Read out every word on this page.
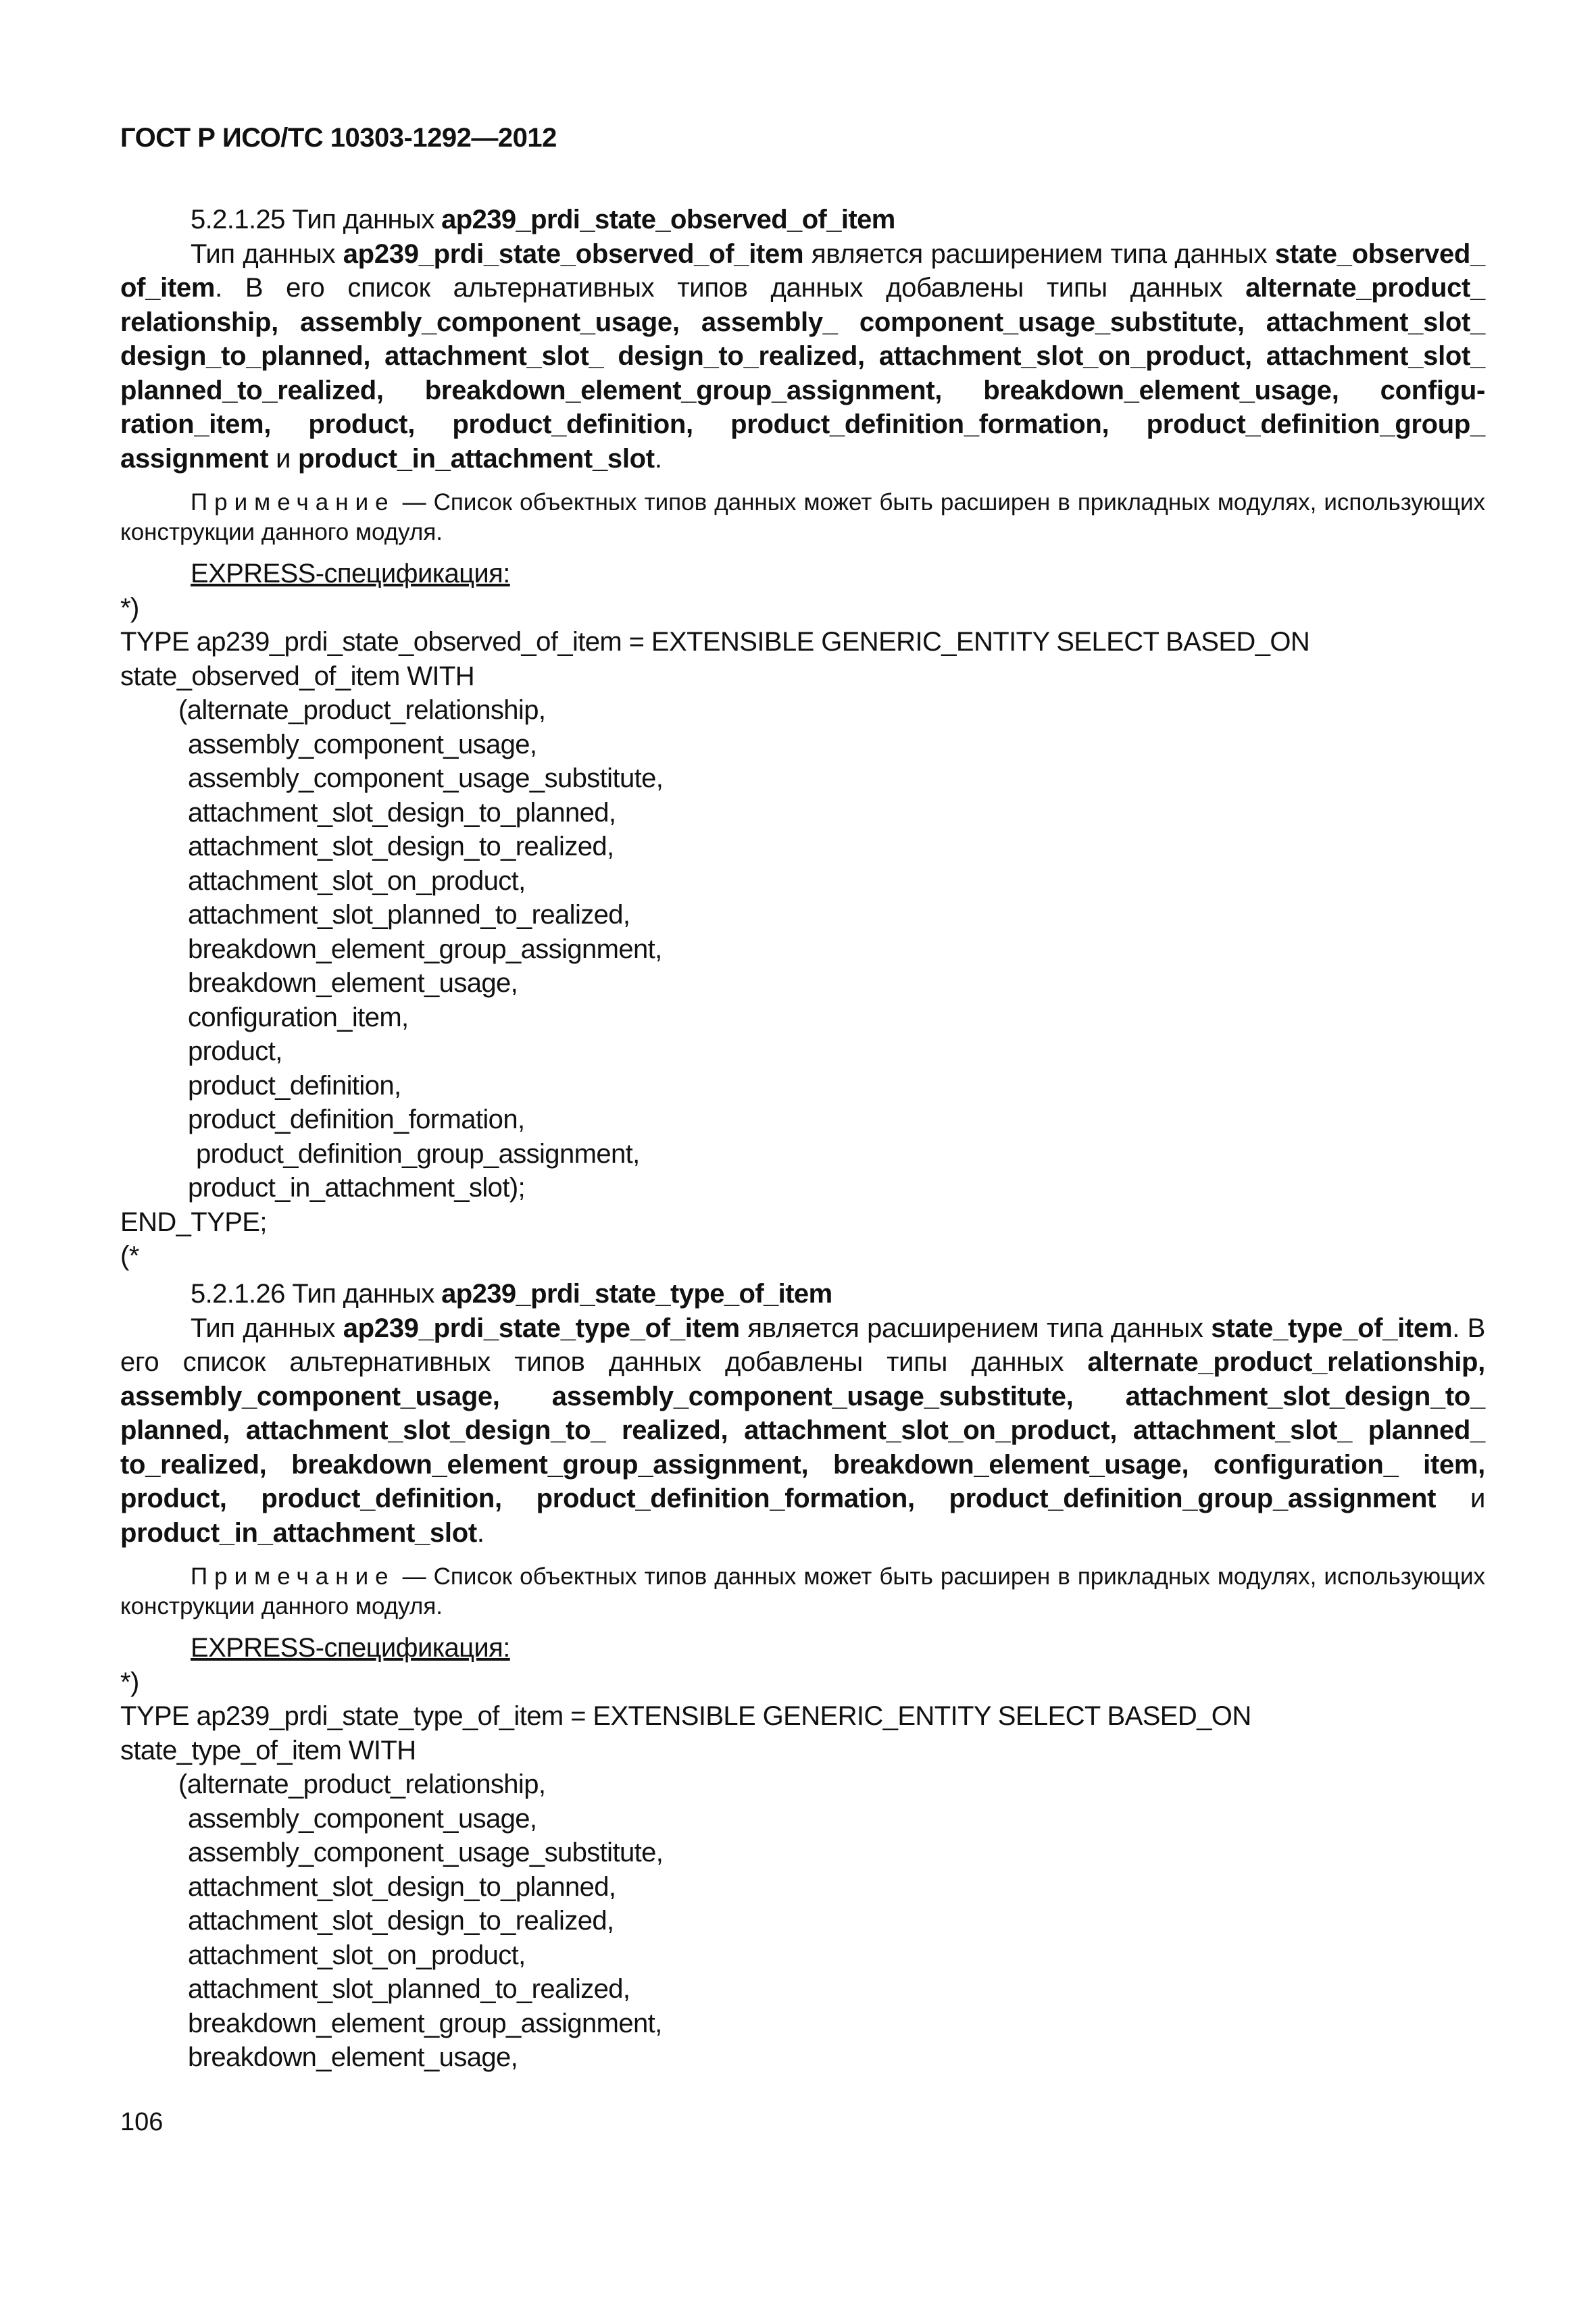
ГОСТ Р ИСО/ТС 10303-1292—2012
5.2.1.25 Тип данных ap239_prdi_state_observed_of_item
Тип данных ap239_prdi_state_observed_of_item является расширением типа данных state_observed_ of_item. В его список альтернативных типов данных добавлены типы данных alternate_product_ relationship, assembly_component_usage, assembly_ component_usage_substitute, attachment_slot_ design_to_planned, attachment_slot_ design_to_realized, attachment_slot_on_product, attachment_slot_ planned_to_realized, breakdown_element_group_assignment, breakdown_element_usage, configu-ration_item, product, product_definition, product_definition_formation, product_definition_group_ assignment и product_in_attachment_slot.
Примечание — Список объектных типов данных может быть расширен в прикладных модулях, использующих конструкции данного модуля.
EXPRESS-спецификация:
*)
TYPE ap239_prdi_state_observed_of_item = EXTENSIBLE GENERIC_ENTITY SELECT BASED_ON
state_observed_of_item WITH
(alternate_product_relationship,
assembly_component_usage,
assembly_component_usage_substitute,
attachment_slot_design_to_planned,
attachment_slot_design_to_realized,
attachment_slot_on_product,
attachment_slot_planned_to_realized,
breakdown_element_group_assignment,
breakdown_element_usage,
configuration_item,
product,
product_definition,
product_definition_formation,
product_definition_group_assignment,
product_in_attachment_slot);
END_TYPE;
(*
5.2.1.26 Тип данных ap239_prdi_state_type_of_item
Тип данных ap239_prdi_state_type_of_item является расширением типа данных state_type_of_item. В его список альтернативных типов данных добавлены типы данных alternate_product_relationship, assembly_component_usage, assembly_component_usage_substitute, attachment_slot_design_to_ planned, attachment_slot_design_to_ realized, attachment_slot_on_product, attachment_slot_ planned_ to_realized, breakdown_element_group_assignment, breakdown_element_usage, configuration_ item, product, product_definition, product_definition_formation, product_definition_group_assignment и product_in_attachment_slot.
Примечание — Список объектных типов данных может быть расширен в прикладных модулях, использующих конструкции данного модуля.
EXPRESS-спецификация:
*)
TYPE ap239_prdi_state_type_of_item = EXTENSIBLE GENERIC_ENTITY SELECT BASED_ON
state_type_of_item WITH
(alternate_product_relationship,
assembly_component_usage,
assembly_component_usage_substitute,
attachment_slot_design_to_planned,
attachment_slot_design_to_realized,
attachment_slot_on_product,
attachment_slot_planned_to_realized,
breakdown_element_group_assignment,
breakdown_element_usage,
106
